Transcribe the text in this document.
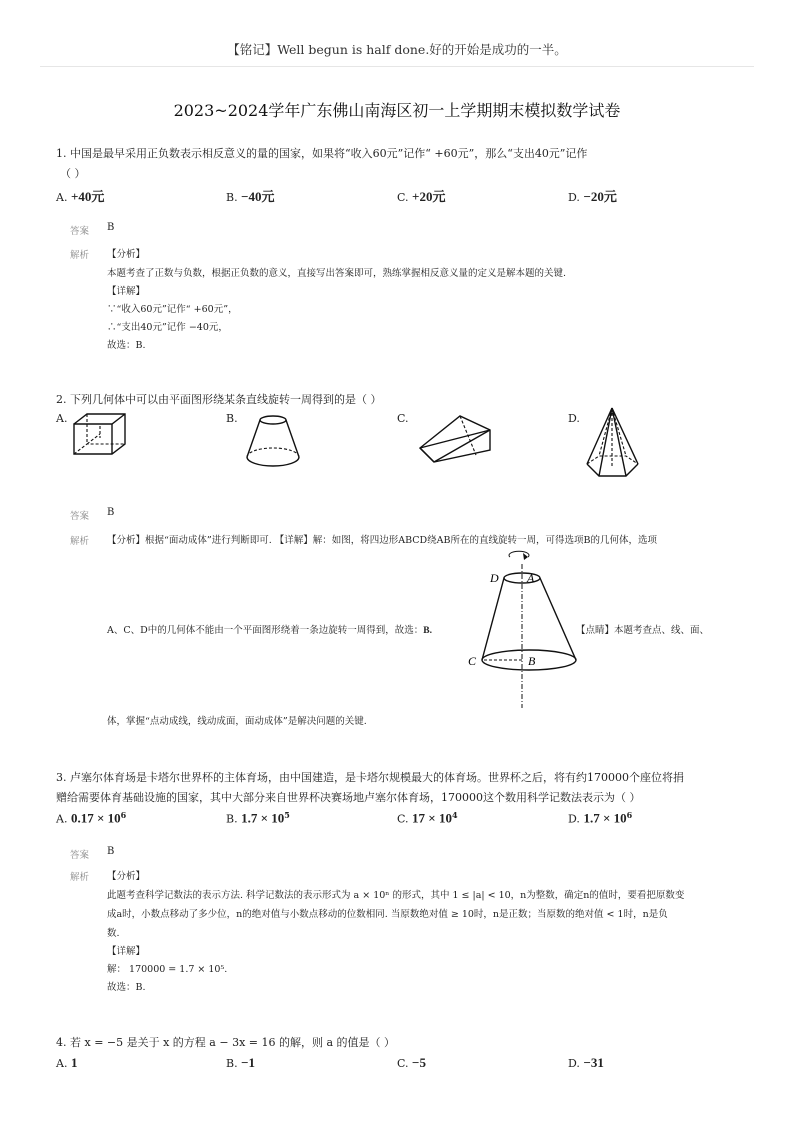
【铭记】Well begun is half done.好的开始是成功的一半。
2023~2024学年广东佛山南海区初一上学期期末模拟数学试卷
1. 中国是最早采用正负数表示相反意义的量的国家，如果将“收入60元”记作“ +60元”，那么“支出40元”记作
（ ）
A. +40元	B. −40元	C. +20元	D. −20元
答案 B
解析 【分析】
本题考查了正数与负数，根据正负数的意义，直接写出答案即可，熟练掌握相反意义量的定义是解本题的关键.
【详解】
∵“收入60元”记作“ +60元”，
∴“支出40元”记作 −40元，
故选：B.
2. 下列几何体中可以由平面图形绕某条直线旋转一周得到的是（ ）
A.	B.	C.	D.
答案 B
解析 【分析】根据“面动成体”进行判断即可. 【详解】解：如图，将四边形ABCD绕AB所在的直线旋转一周，可得选项B的几何体，选项
D A
C	B
A、C、D中的几何体不能由一个平面图形绕着一条边旋转一周得到，故选：B.	【点睛】本题考查点、线、面、
体，掌握“点动成线，线动成面，面动成体”是解决问题的关键.
3. 卢塞尔体育场是卡塔尔世界杯的主体育场，由中国建造，是卡塔尔规模最大的体育场。世界杯之后，将有约170000个座位将捐
赠给需要体育基础设施的国家，其中大部分来自世界杯决赛场地卢塞尔体育场，170000这个数用科学记数法表示为（ ）
A. $0.17 \times 10^6$	B. $1.7 \times 10^5$	C. $17 \times 10^4$	D. $1.7 \times 10^6$
答案 B
解析 【分析】
此题考查科学记数法的表示方法. 科学记数法的表示形式为 a × 10ⁿ 的形式，其中 1 ≤ |a| < 10，n为整数，确定n的值时，要看把原数变
成a时，小数点移动了多少位，n的绝对值与小数点移动的位数相同. 当原数绝对值 ≥ 10时，n是正数；当原数的绝对值 < 1时，n是负
数.
【详解】
解： 170000 = 1.7 × 10⁵.
故选：B.
4. 若 x = −5 是关于 x 的方程 a − 3x = 16 的解，则 a 的值是（ ）
A. 1	B. −1	C. −5	D. −31
